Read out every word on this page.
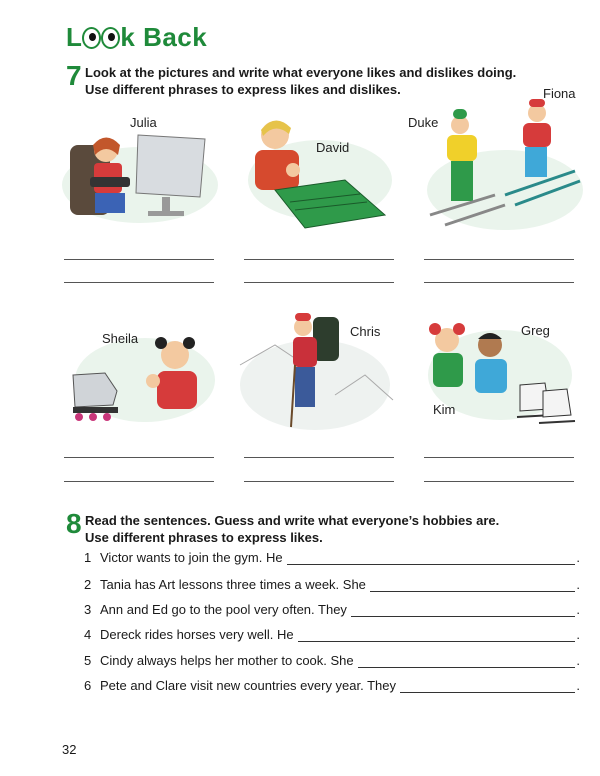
L k Back
7 Look at the pictures and write what everyone likes and dislikes doing.
Use different phrases to express likes and dislikes.
Julia
David
Duke
Fiona
Sheila	Chris	Greg
Kim
8 Read the sentences. Guess and write what everyone’s hobbies are.
Use different phrases to express likes.
1 Victor wants to join the gym. He	.
2 Tania has Art lessons three times a week. She	.
3 Ann and Ed go to the pool very often. They	.
4 Dereck rides horses very well. He	.
5 Cindy always helps her mother to cook. She	.
6 Pete and Clare visit new countries every year. They	.
32
